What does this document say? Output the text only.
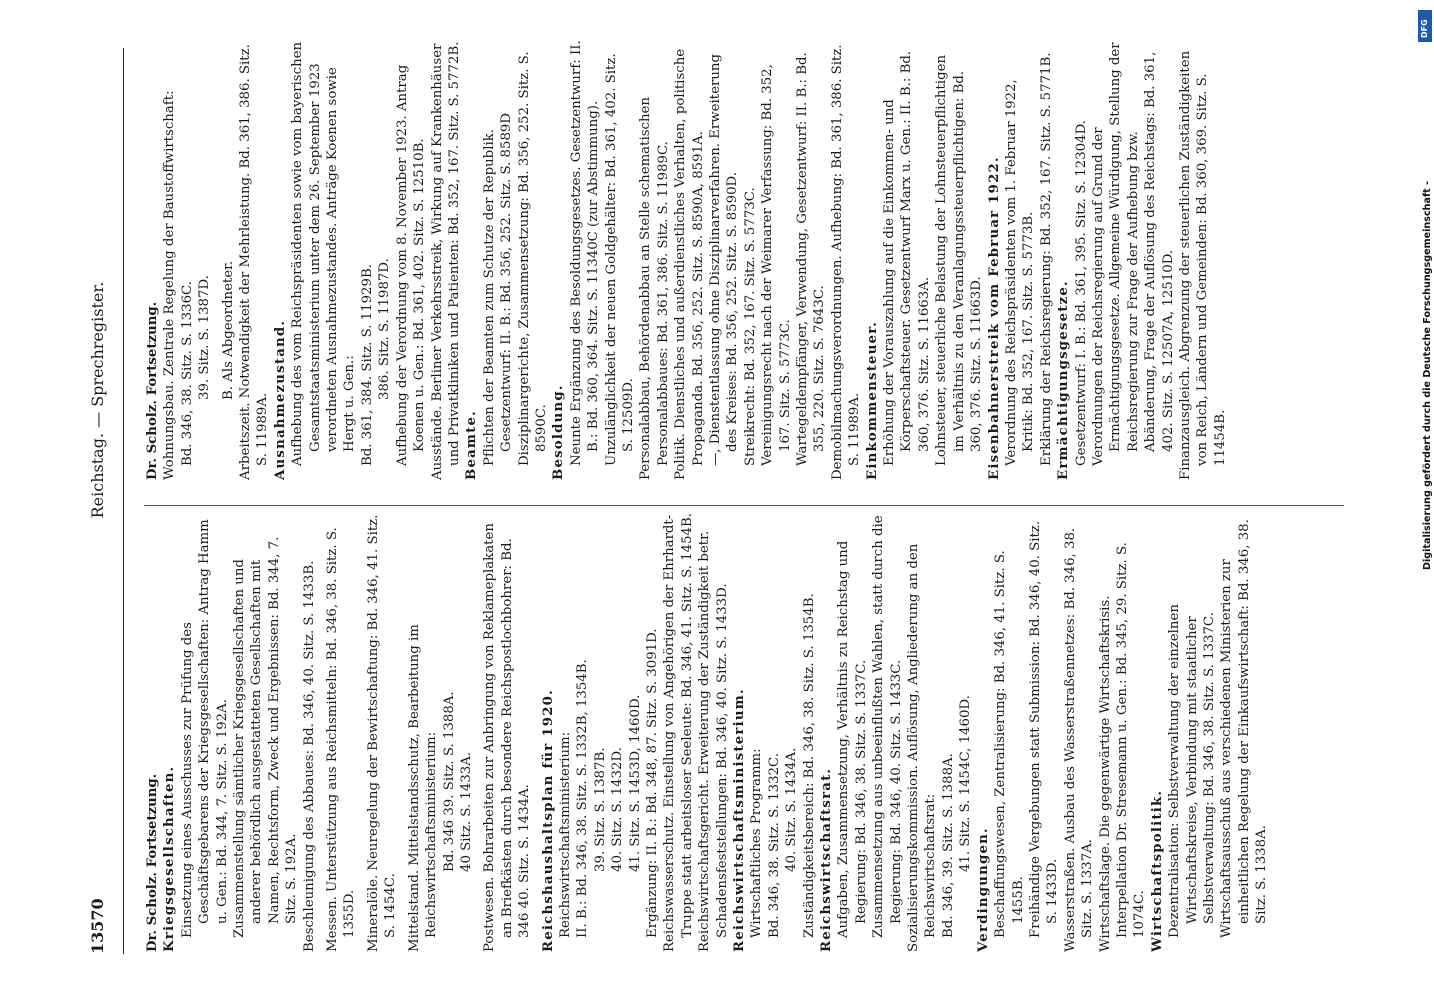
13570
Reichstag. — Sprechregister.
Dr. Scholz. Fortsetzung. Kriegsgesellschaften. Einsetzung eines Ausschusses zur Prüfung des Geschäftsgebarens der Kriegsgesellschaften: Antrag Hamm u. Gen.: Bd. 344, 7. Sitz. S. 192A. Zusammenstellung sämtlicher Kriegsgesellschaften und anderer behördlich ausgestatteten Gesellschaften mit Namen, Rechtsform, Zweck und Ergebnissen: Bd. 344, 7. Sitz. S. 192A. Beschleunigung des Abbaues: Bd. 346, 40. Sitz. S. 1433B. Messen. Unterstützung aus Reichsmitteln: Bd. 346, 38. Sitz. S. 1355D. Mineralöle. Neuregelung der Bewirtschaftung: Bd. 346, 41. Sitz. S. 1454C. Mittelstand. Mittelstandsschutz, Bearbeitung im Reichswirtschaftsministerium: Bd. 346 39. Sitz. S. 1388A. 40 Sitz. S. 1433A. Postwesen. Bohrarbeiten zur Anbringung von Reklameplakaten an Briefkästen durch besondere Reichspostlochbohrer: Bd. 346 40. Sitz. S. 1434A. Reichshaushaltsplan für 1920. Reichswirtschaftsministerium: II. B.: Bd. 346, 38. Sitz. S. 1332B, 1354B. 39. Sitz. S. 1387B. 40. Sitz. S. 1432D. 41. Sitz. S. 1453D, 1460D. Ergänzung: II. B.: Bd. 348, 87. Sitz. S. 3091D. Reichswasserschutz. Einstellung von Angehörigen der Ehrhardt-Truppe statt arbeitsloser Seeleute: Bd. 346, 41. Sitz. S. 1454B. Reichswirtschaftsgericht. Erweiterung der Zuständigkeit betr. Schadensfeststellungen: Bd. 346, 40. Sitz. S. 1433D. Reichswirtschaftsministerium. Wirtschaftliches Programm: Bd. 346, 38. Sitz. S. 1332C. 40. Sitz. S. 1434A. Zuständigkeitsbereich: Bd. 346, 38. Sitz. S. 1354B. Reichswirtschaftsrat. Aufgaben, Zusammensetzung, Verhältnis zu Reichstag und Regierung: Bd. 346, 38. Sitz. S. 1337C. Zusammensetzung aus unbeeinflußten Wahlen, statt durch die Regierung: Bd. 346, 40. Sitz. S. 1433C. Sozialisierungskommission. Auflösung, Angliederung an den Reichswirtschaftsrat: Bd. 346, 39. Sitz. S. 1388A. 41. Sitz. S. 1454C, 1460D.
Verdingungen. Beschaffungswesen, Zentralisierung: Bd. 346, 41. Sitz. S. 1455B. Freihändige Vergebungen statt Submission: Bd. 346, 40. Sitz. S. 1433D. Wasserstraßen. Ausbau des Wasserstraßennetzes: Bd. 346, 38. Sitz. S. 1337A. Wirtschaftslage. Die gegenwärtige Wirtschaftskrisis. Interpellation Dr. Stresemann u. Gen.: Bd. 345, 29. Sitz. S. 1074C. Wirtschaftspolitik. Dezentralisation: Selbstverwaltung der einzelnen Wirtschaftskreise, Verbindung mit staatlicher Selbstverwaltung: Bd. 346, 38. Sitz. S. 1337C. Wirtschaftsausschuß aus verschiedenen Ministerien zur einheitlichen Regelung der Einkaufswirtschaft: Bd. 346, 38. Sitz. S. 1338A.
Dr. Scholz. Fortsetzung. Wohnungsbau. Zentrale Regelung der Baustoffwirtschaft: Bd. 346, 38. Sitz. S. 1336C. 39. Sitz. S. 1387D. B. Als Abgeordneter. Arbeitszeit. Notwendigkeit der Mehrleistung. Bd. 361, 386. Sitz. S. 11989A. Ausnahmezustand. Aufhebung des vom Reichspräsidenten sowie vom bayerischen Gesamtstaatsministerium unter dem 26. September 1923 verordneten Ausnahmezustandes. Anträge Koenen sowie Hergt u. Gen.: Bd. 361, 384. Sitz. S. 11929B. 386. Sitz. S. 11987D. Aufhebung der Verordnung vom 8. November 1923. Antrag Koenen u. Gen.: Bd. 361, 402. Sitz. S. 12510B. Ausstände. Berliner Verkehrsstreik, Wirkung auf Krankenhäuser und Privatkliniken und Patienten: Bd. 352, 167. Sitz. S. 5772B. Beamte. Pflichten der Beamten zum Schutze der Republik. Gesetzentwurf: II. B.: Bd. 356, 252. Sitz. S. 8589D Disziplinargerichte, Zusammensetzung: Bd. 356, 252. Sitz. S. 8590C. Besoldung. Neunte Ergänzung des Besoldungsgesetzes. Gesetzentwurf: II. B.: Bd. 360, 364. Sitz. S. 11340C (zur Abstimmung). Unzulänglichkeit der neuen Goldgehälter: Bd. 361, 402. Sitz. S. 12509D. Personalabbau, Behördenabbau an Stelle schematischen Personalabbaues: Bd. 361, 386. Sitz. S. 11989C. Politik. Dienstliches und außerdienstliches Verhalten, politische Propaganda. Bd. 356, 252. Sitz. S. 8590A, 8591A. —, Dienstentlassung ohne Disziplinarverfahren. Erweiterung des Kreises: Bd. 356, 252. Sitz. S. 8590D. Streikrecht: Bd. 352, 167. Sitz. S. 5773C. Vereinigungsrecht nach der Weimarer Verfassung: Bd. 352, 167. Sitz. S. 5773C. Wartegeldempfänger, Verwendung, Gesetzentwurf: II. B.: Bd. 355, 220. Sitz. S. 7643C. Demobilmachungsverordnungen. Aufhebung: Bd. 361, 386. Sitz. S. 11989A. Einkommensteuer. Erhöhung der Vorauszahlung auf die Einkommen- und Körperschaftsteuer. Gesetzentwurf Marx u. Gen.: II. B.: Bd. 360, 376. Sitz. S. 11663A. Lohnsteuer, steuerliche Belastung der Lohnsteuerpflichtigen im Verhältnis zu den Veranlagungssteuerpflichtigen: Bd. 360, 376. Sitz. S. 11663D. Eisenbahnerstreik vom Februar 1922. Verordnung des Reichspräsidenten vom 1. Februar 1922, Kritik: Bd. 352, 167. Sitz. S. 5773B. Erklärung der Reichsregierung: Bd. 352, 167. Sitz. S. 5771B. Ermächtigungsgesetze. Gesetzentwurf: I. B.: Bd. 361, 395. Sitz. S. 12304D. Verordnungen der Reichsregierung auf Grund der Ermächtigungsgesetze. Allgemeine Würdigung, Stellung der Reichsregierung zur Frage der Aufhebung bzw. Abänderung, Frage der Auflösung des Reichstags: Bd. 361, 402. Sitz. S. 12507A, 12510D. Finanzausgleich. Abgrenzung der steuerlichen Zuständigkeiten von Reich, Ländern und Gemeinden: Bd. 360, 369. Sitz. S. 11454B.	Digitalisierung gefördert durch die Deutsche Forschungsgemeinschaft -
DFG
